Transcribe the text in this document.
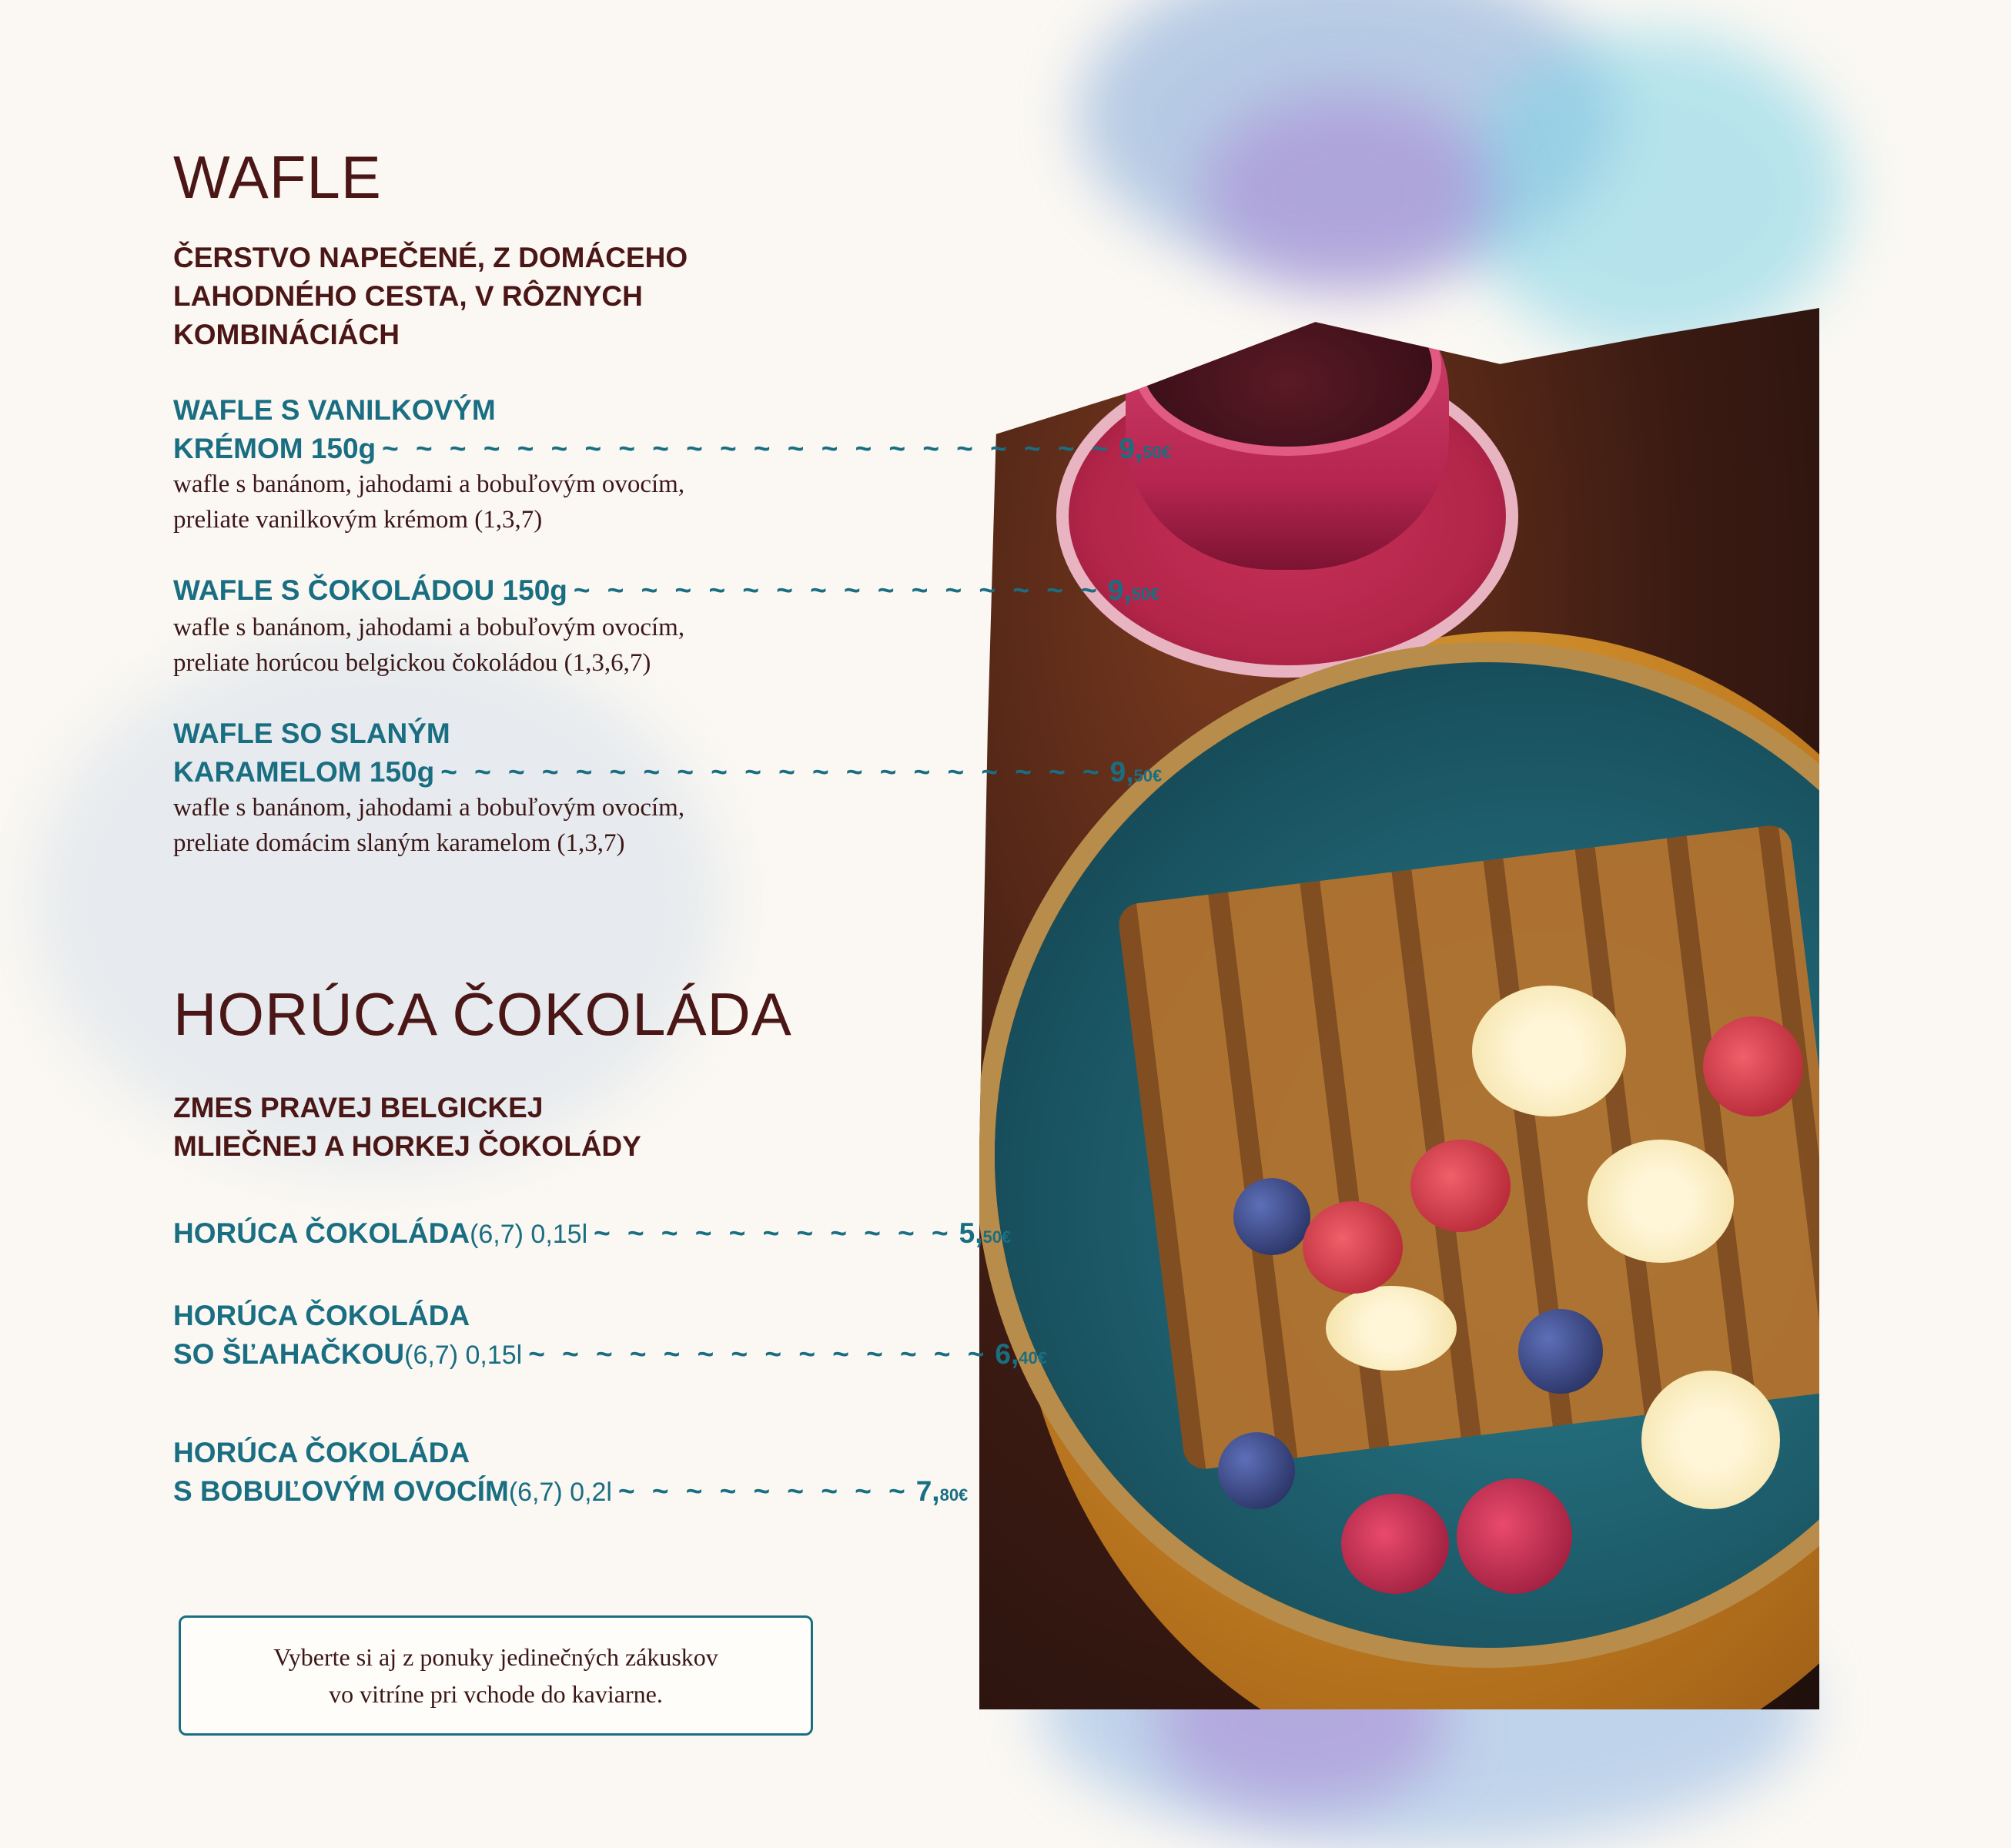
WAFLE
ČERSTVO NAPEČENÉ, Z DOMÁCEHO
LAHODNÉHO CESTA, V RÔZNYCH
KOMBINÁCIÁCH
WAFLE S VANILKOVÝM
KRÉMOM 150g ~ ~ ~ ~ ~ ~ ~ ~ ~ ~ ~ ~ ~ ~ ~ ~ ~ ~ ~ ~ ~ ~ 9,50€
wafle s banánom, jahodami a bobuľovým ovocím,
preliate vanilkovým krémom (1,3,7)
WAFLE S ČOKOLÁDOU 150g ~ ~ ~ ~ ~ ~ ~ ~ ~ ~ ~ ~ ~ ~ ~ ~ 9,50€
wafle s banánom, jahodami a bobuľovým ovocím,
preliate horúcou belgickou čokoládou (1,3,6,7)
WAFLE SO SLANÝM
KARAMELOM 150g ~ ~ ~ ~ ~ ~ ~ ~ ~ ~ ~ ~ ~ ~ ~ ~ ~ ~ ~ ~ 9,50€
wafle s banánom, jahodami a bobuľovým ovocím,
preliate domácim slaným karamelom (1,3,7)
HORÚCA ČOKOLÁDA
ZMES PRAVEJ BELGICKEJ
MLIEČNEJ A HORKEJ ČOKOLÁDY
HORÚCA ČOKOLÁDA (6,7) 0,15l ~ ~ ~ ~ ~ ~ ~ ~ ~ ~ ~ 5,50€
HORÚCA ČOKOLÁDA
SO ŠĽAHAČKOU (6,7) 0,15l ~ ~ ~ ~ ~ ~ ~ ~ ~ ~ ~ ~ ~ ~ 6,40€
HORÚCA ČOKOLÁDA
S BOBUĽOVÝM OVOCÍM (6,7) 0,2l ~ ~ ~ ~ ~ ~ ~ ~ ~ 7,80€
Vyberte si aj z ponuky jedinečných zákuskov
vo vitríne pri vchode do kaviarne.
